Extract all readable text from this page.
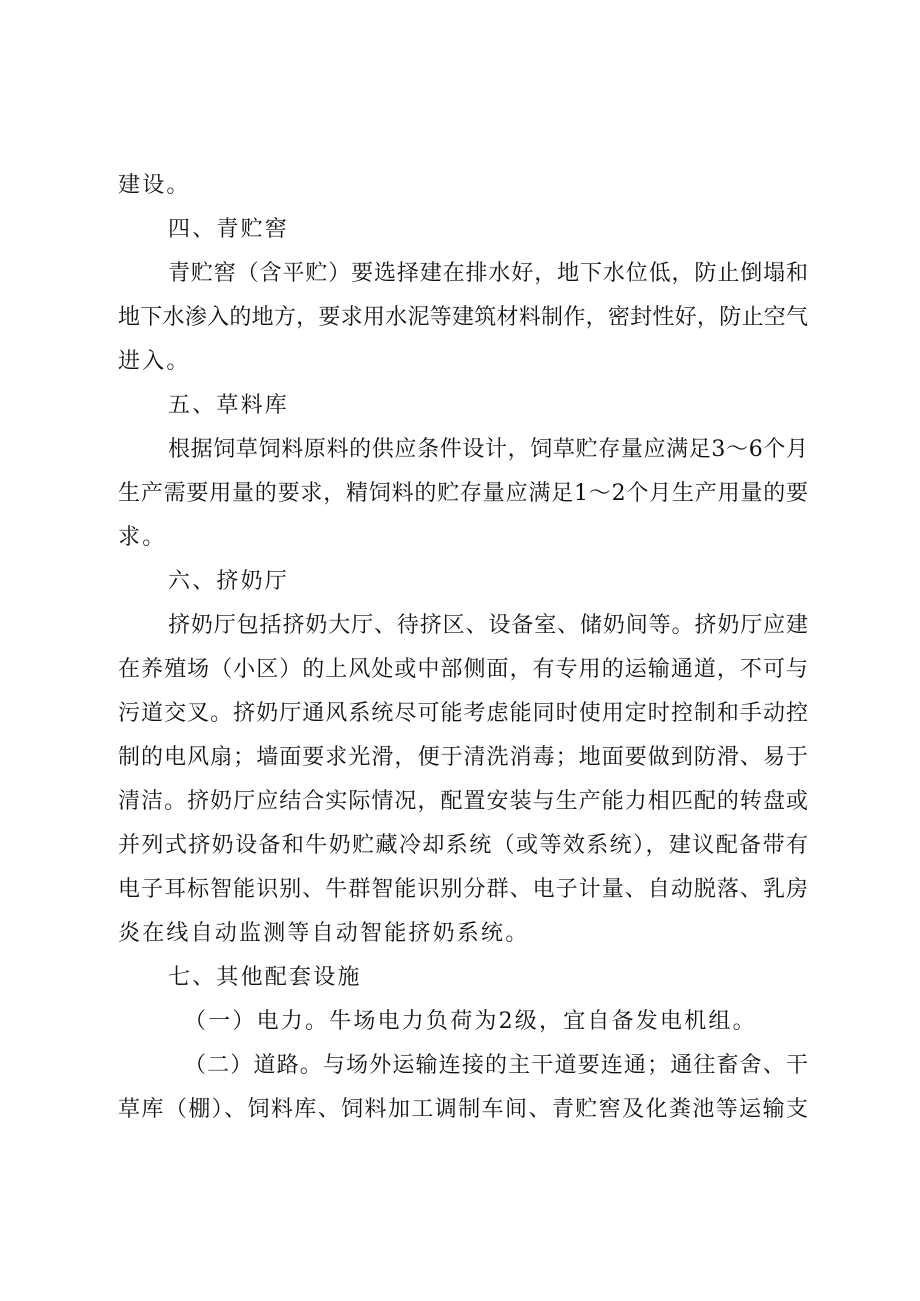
建设。
四、青贮窖
青贮窖（含平贮）要选择建在排水好，地下水位低，防止倒塌和
地下水渗入的地方，要求用水泥等建筑材料制作，密封性好，防止空气
进入。
五、草料库
根据饲草饲料原料的供应条件设计，饲草贮存量应满足3～6个月
生产需要用量的要求，精饲料的贮存量应满足1～2个月生产用量的要
求。
六、挤奶厅
挤奶厅包括挤奶大厅、待挤区、设备室、储奶间等。挤奶厅应建
在养殖场（小区）的上风处或中部侧面，有专用的运输通道，不可与
污道交叉。挤奶厅通风系统尽可能考虑能同时使用定时控制和手动控
制的电风扇；墙面要求光滑，便于清洗消毒；地面要做到防滑、易于
清洁。挤奶厅应结合实际情况，配置安装与生产能力相匹配的转盘或
并列式挤奶设备和牛奶贮藏冷却系统（或等效系统），建议配备带有
电子耳标智能识别、牛群智能识别分群、电子计量、自动脱落、乳房
炎在线自动监测等自动智能挤奶系统。
七、其他配套设施
（一）电力。牛场电力负荷为2级，宜自备发电机组。
（二）道路。与场外运输连接的主干道要连通；通往畜舍、干
草库（棚）、饲料库、饲料加工调制车间、青贮窖及化粪池等运输支
